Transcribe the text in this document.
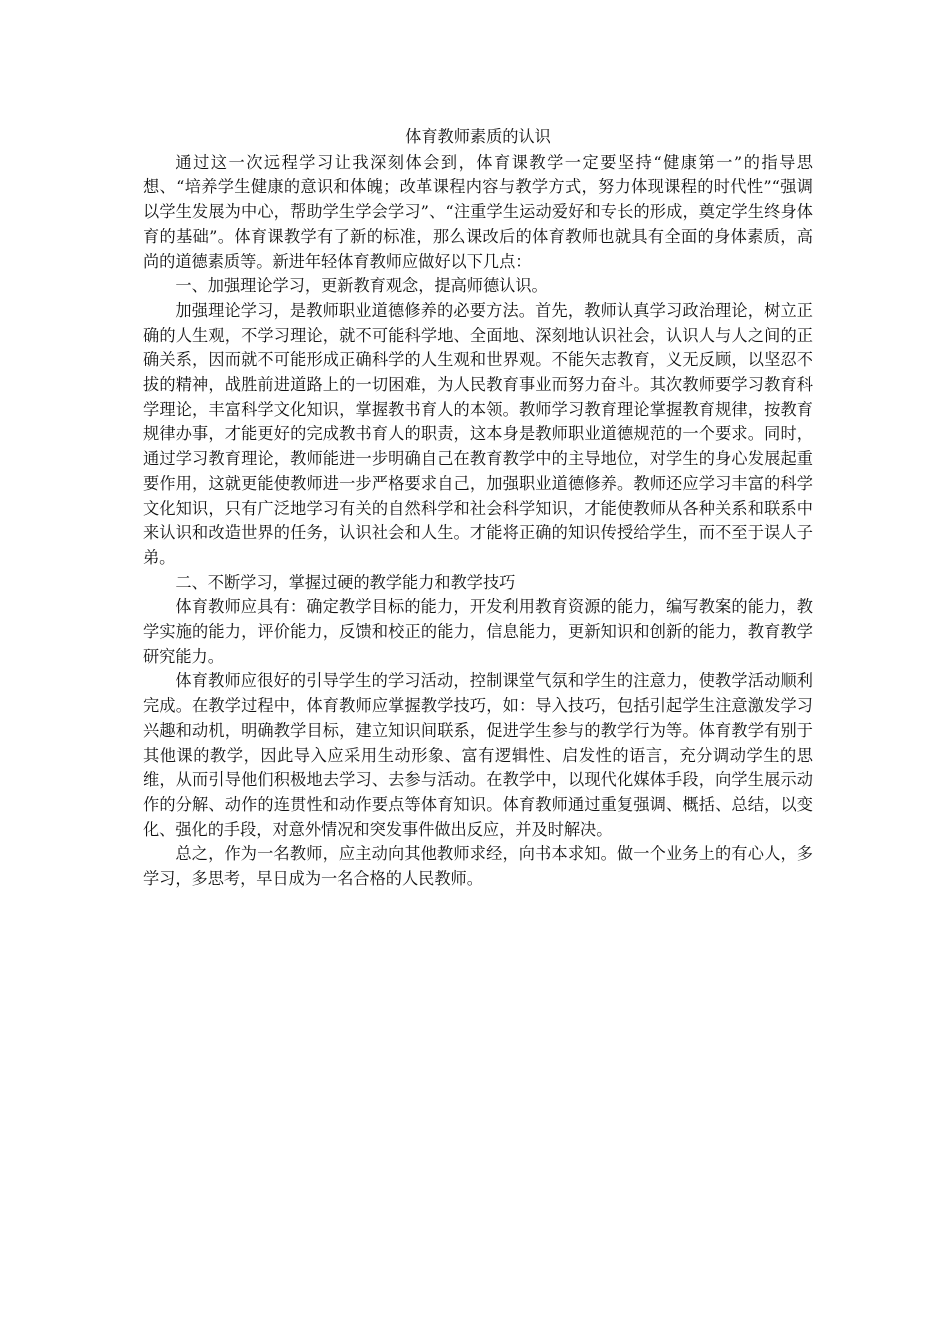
体育教师素质的认识

通过这一次远程学习让我深刻体会到，体育课教学一定要坚持“健康第一”的指导思想、“培养学生健康的意识和体魄；改革课程内容与教学方式，努力体现课程的时代性”“强调以学生发展为中心，帮助学生学会学习”、“注重学生运动爱好和专长的形成，奠定学生终身体育的基础”。体育课教学有了新的标准，那么课改后的体育教师也就具有全面的身体素质，高尚的道德素质等。新进年轻体育教师应做好以下几点：

一、加强理论学习，更新教育观念，提高师德认识。

加强理论学习，是教师职业道德修养的必要方法。首先，教师认真学习政治理论，树立正确的人生观，不学习理论，就不可能科学地、全面地、深刻地认识社会，认识人与人之间的正确关系，因而就不可能形成正确科学的人生观和世界观。不能矢志教育，义无反顾，以坚忍不拔的精神，战胜前进道路上的一切困难，为人民教育事业而努力奋斗。其次教师要学习教育科学理论，丰富科学文化知识，掌握教书育人的本领。教师学习教育理论掌握教育规律，按教育规律办事，才能更好的完成教书育人的职责，这本身是教师职业道德规范的一个要求。同时，通过学习教育理论，教师能进一步明确自己在教育教学中的主导地位，对学生的身心发展起重要作用，这就更能使教师进一步严格要求自己，加强职业道德修养。教师还应学习丰富的科学文化知识，只有广泛地学习有关的自然科学和社会科学知识，才能使教师从各种关系和联系中来认识和改造世界的任务，认识社会和人生。才能将正确的知识传授给学生，而不至于误人子弟。

二、不断学习，掌握过硬的教学能力和教学技巧

体育教师应具有：确定教学目标的能力，开发利用教育资源的能力，编写教案的能力，教学实施的能力，评价能力，反馈和校正的能力，信息能力，更新知识和创新的能力，教育教学研究能力。

体育教师应很好的引导学生的学习活动，控制课堂气氛和学生的注意力，使教学活动顺利完成。在教学过程中，体育教师应掌握教学技巧，如：导入技巧，包括引起学生注意激发学习兴趣和动机，明确教学目标，建立知识间联系，促进学生参与的教学行为等。体育教学有别于其他课的教学，因此导入应采用生动形象、富有逻辑性、启发性的语言，充分调动学生的思维，从而引导他们积极地去学习、去参与活动。在教学中，以现代化媒体手段，向学生展示动作的分解、动作的连贯性和动作要点等体育知识。体育教师通过重复强调、概括、总结，以变化、强化的手段，对意外情况和突发事件做出反应，并及时解决。

总之，作为一名教师，应主动向其他教师求经，向书本求知。做一个业务上的有心人，多学习，多思考，早日成为一名合格的人民教师。
